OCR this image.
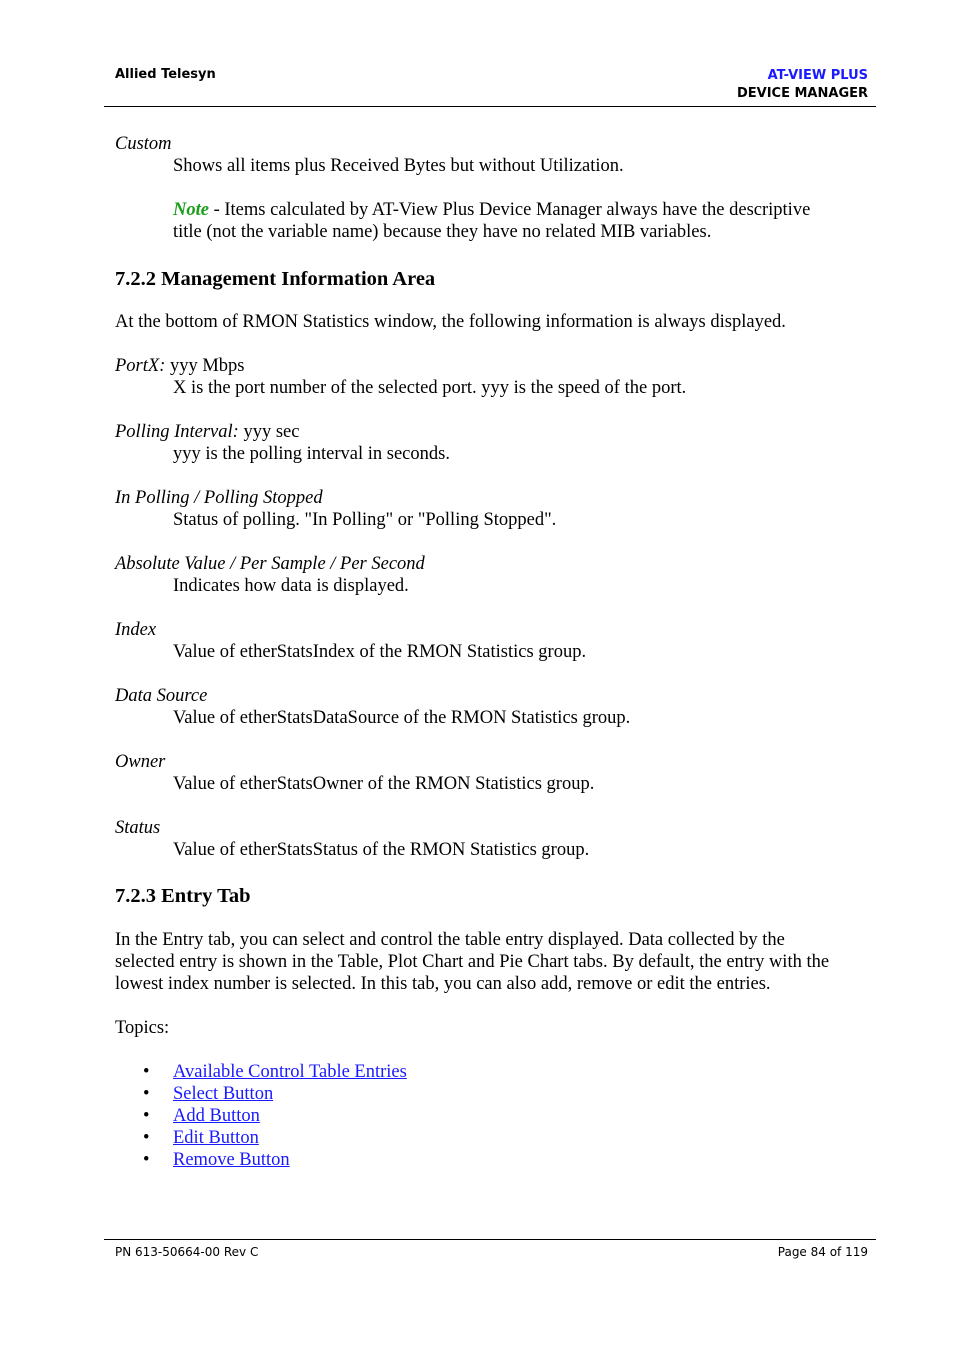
Allied Telesyn	AT-VIEW PLUS
DEVICE MANAGER
Custom
Shows all items plus Received Bytes but without Utilization.
Note - Items calculated by AT-View Plus Device Manager always have the descriptive
title (not the variable name) because they have no related MIB variables.
7.2.2 Management Information Area
At the bottom of RMON Statistics window, the following information is always displayed.
PortX: yyy Mbps
X is the port number of the selected port. yyy is the speed of the port.
Polling Interval: yyy sec
yyy is the polling interval in seconds.
In Polling / Polling Stopped
Status of polling. "In Polling" or "Polling Stopped".
Absolute Value / Per Sample / Per Second
Indicates how data is displayed.
Index
Value of etherStatsIndex of the RMON Statistics group.
Data Source
Value of etherStatsDataSource of the RMON Statistics group.
Owner
Value of etherStatsOwner of the RMON Statistics group.
Status
Value of etherStatsStatus of the RMON Statistics group.
7.2.3 Entry Tab
In the Entry tab, you can select and control the table entry displayed. Data collected by the
selected entry is shown in the Table, Plot Chart and Pie Chart tabs. By default, the entry with the
lowest index number is selected. In this tab, you can also add, remove or edit the entries.
Topics:
• Available Control Table Entries
• Select Button
• Add Button
• Edit Button
• Remove Button
PN 613-50664-00 Rev C	Page 84 of 119
